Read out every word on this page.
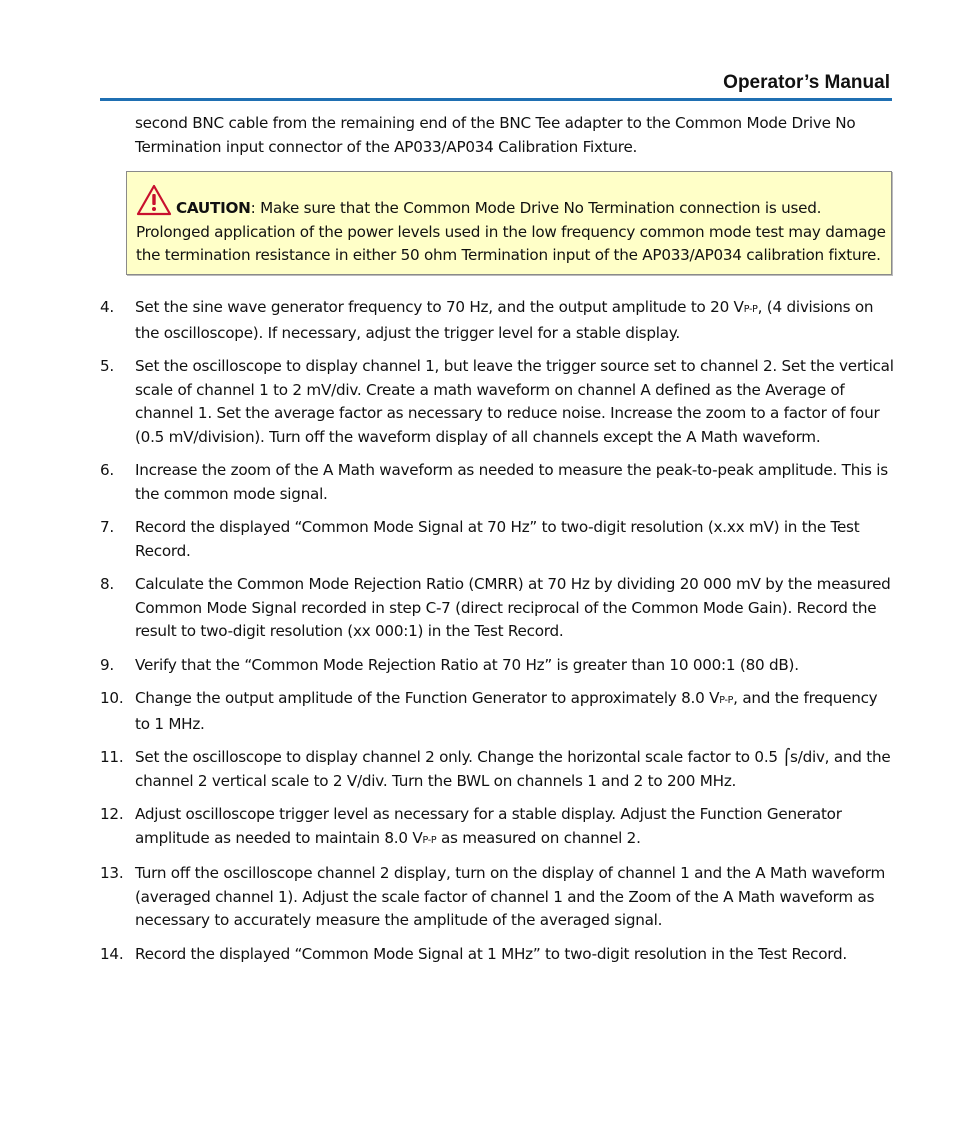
Operator’s Manual

second BNC cable from the remaining end of the BNC Tee adapter to the Common Mode Drive No Termination input connector of the AP033/AP034 Calibration Fixture.

CAUTION: Make sure that the Common Mode Drive No Termination connection is used. Prolonged application of the power levels used in the low frequency common mode test may damage the termination resistance in either 50 ohm Termination input of the AP033/AP034 calibration fixture.
4.	Set the sine wave generator frequency to 70 Hz, and the output amplitude to 20 VP-P, (4 divisions on the oscilloscope). If necessary, adjust the trigger level for a stable display.
5.	Set the oscilloscope to display channel 1, but leave the trigger source set to channel 2. Set the vertical scale of channel 1 to 2 mV/div. Create a math waveform on channel A defined as the Average of channel 1. Set the average factor as necessary to reduce noise. Increase the zoom to a factor of four (0.5 mV/division). Turn off the waveform display of all channels except the A Math waveform.
6.	Increase the zoom of the A Math waveform as needed to measure the peak-to-peak amplitude. This is the common mode signal.
7.	Record the displayed “Common Mode Signal at 70 Hz” to two-digit resolution (x.xx mV) in the Test Record.
8.	Calculate the Common Mode Rejection Ratio (CMRR) at 70 Hz by dividing 20 000 mV by the measured Common Mode Signal recorded in step C-7 (direct reciprocal of the Common Mode Gain). Record the result to two-digit resolution (xx 000:1) in the Test Record.
9.	Verify that the “Common Mode Rejection Ratio at 70 Hz” is greater than 10 000:1 (80 dB).
10. Change the output amplitude of the Function Generator to approximately 8.0 VP-P, and the frequency to 1 MHz.
11. Set the oscilloscope to display channel 2 only. Change the horizontal scale factor to 0.5 ⌠s/div, and the channel 2 vertical scale to 2 V/div. Turn the BWL on channels 1 and 2 to 200 MHz.
12. Adjust oscilloscope trigger level as necessary for a stable display. Adjust the Function Generator amplitude as needed to maintain 8.0 VP-P as measured on channel 2.
13. Turn off the oscilloscope channel 2 display, turn on the display of channel 1 and the A Math waveform (averaged channel 1). Adjust the scale factor of channel 1 and the Zoom of the A Math waveform as necessary to accurately measure the amplitude of the averaged signal.
14. Record the displayed “Common Mode Signal at 1 MHz” to two-digit resolution in the Test Record.
